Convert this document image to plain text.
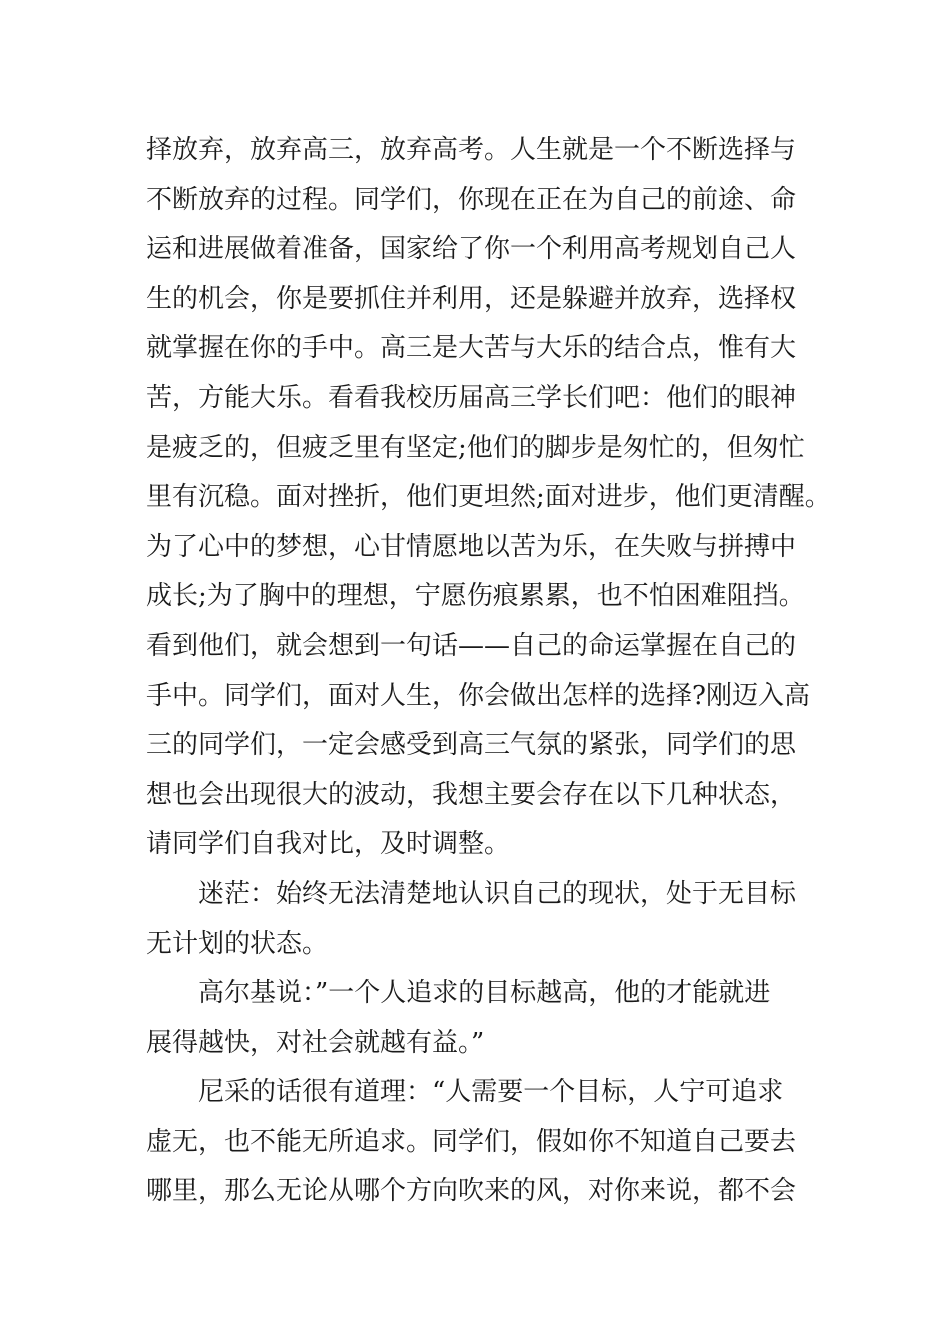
择放弃，放弃高三，放弃高考。人生就是一个不断选择与
不断放弃的过程。同学们，你现在正在为自己的前途、命
运和进展做着准备，国家给了你一个利用高考规划自己人
生的机会，你是要抓住并利用，还是躲避并放弃，选择权
就掌握在你的手中。高三是大苦与大乐的结合点，惟有大
苦，方能大乐。看看我校历届高三学长们吧：他们的眼神
是疲乏的，但疲乏里有坚定;他们的脚步是匆忙的，但匆忙
里有沉稳。面对挫折，他们更坦然;面对进步，他们更清醒。
为了心中的梦想，心甘情愿地以苦为乐，在失败与拼搏中
成长;为了胸中的理想，宁愿伤痕累累，也不怕困难阻挡。
看到他们，就会想到一句话——自己的命运掌握在自己的
手中。同学们，面对人生，你会做出怎样的选择?刚迈入高
三的同学们，一定会感受到高三气氛的紧张，同学们的思
想也会出现很大的波动，我想主要会存在以下几种状态，
请同学们自我对比，及时调整。
迷茫：始终无法清楚地认识自己的现状，处于无目标
无计划的状态。
高尔基说：”一个人追求的目标越高，他的才能就进
展得越快，对社会就越有益。”
尼采的话很有道理：“人需要一个目标，人宁可追求
虚无，也不能无所追求。同学们，假如你不知道自己要去
哪里，那么无论从哪个方向吹来的风，对你来说，都不会
